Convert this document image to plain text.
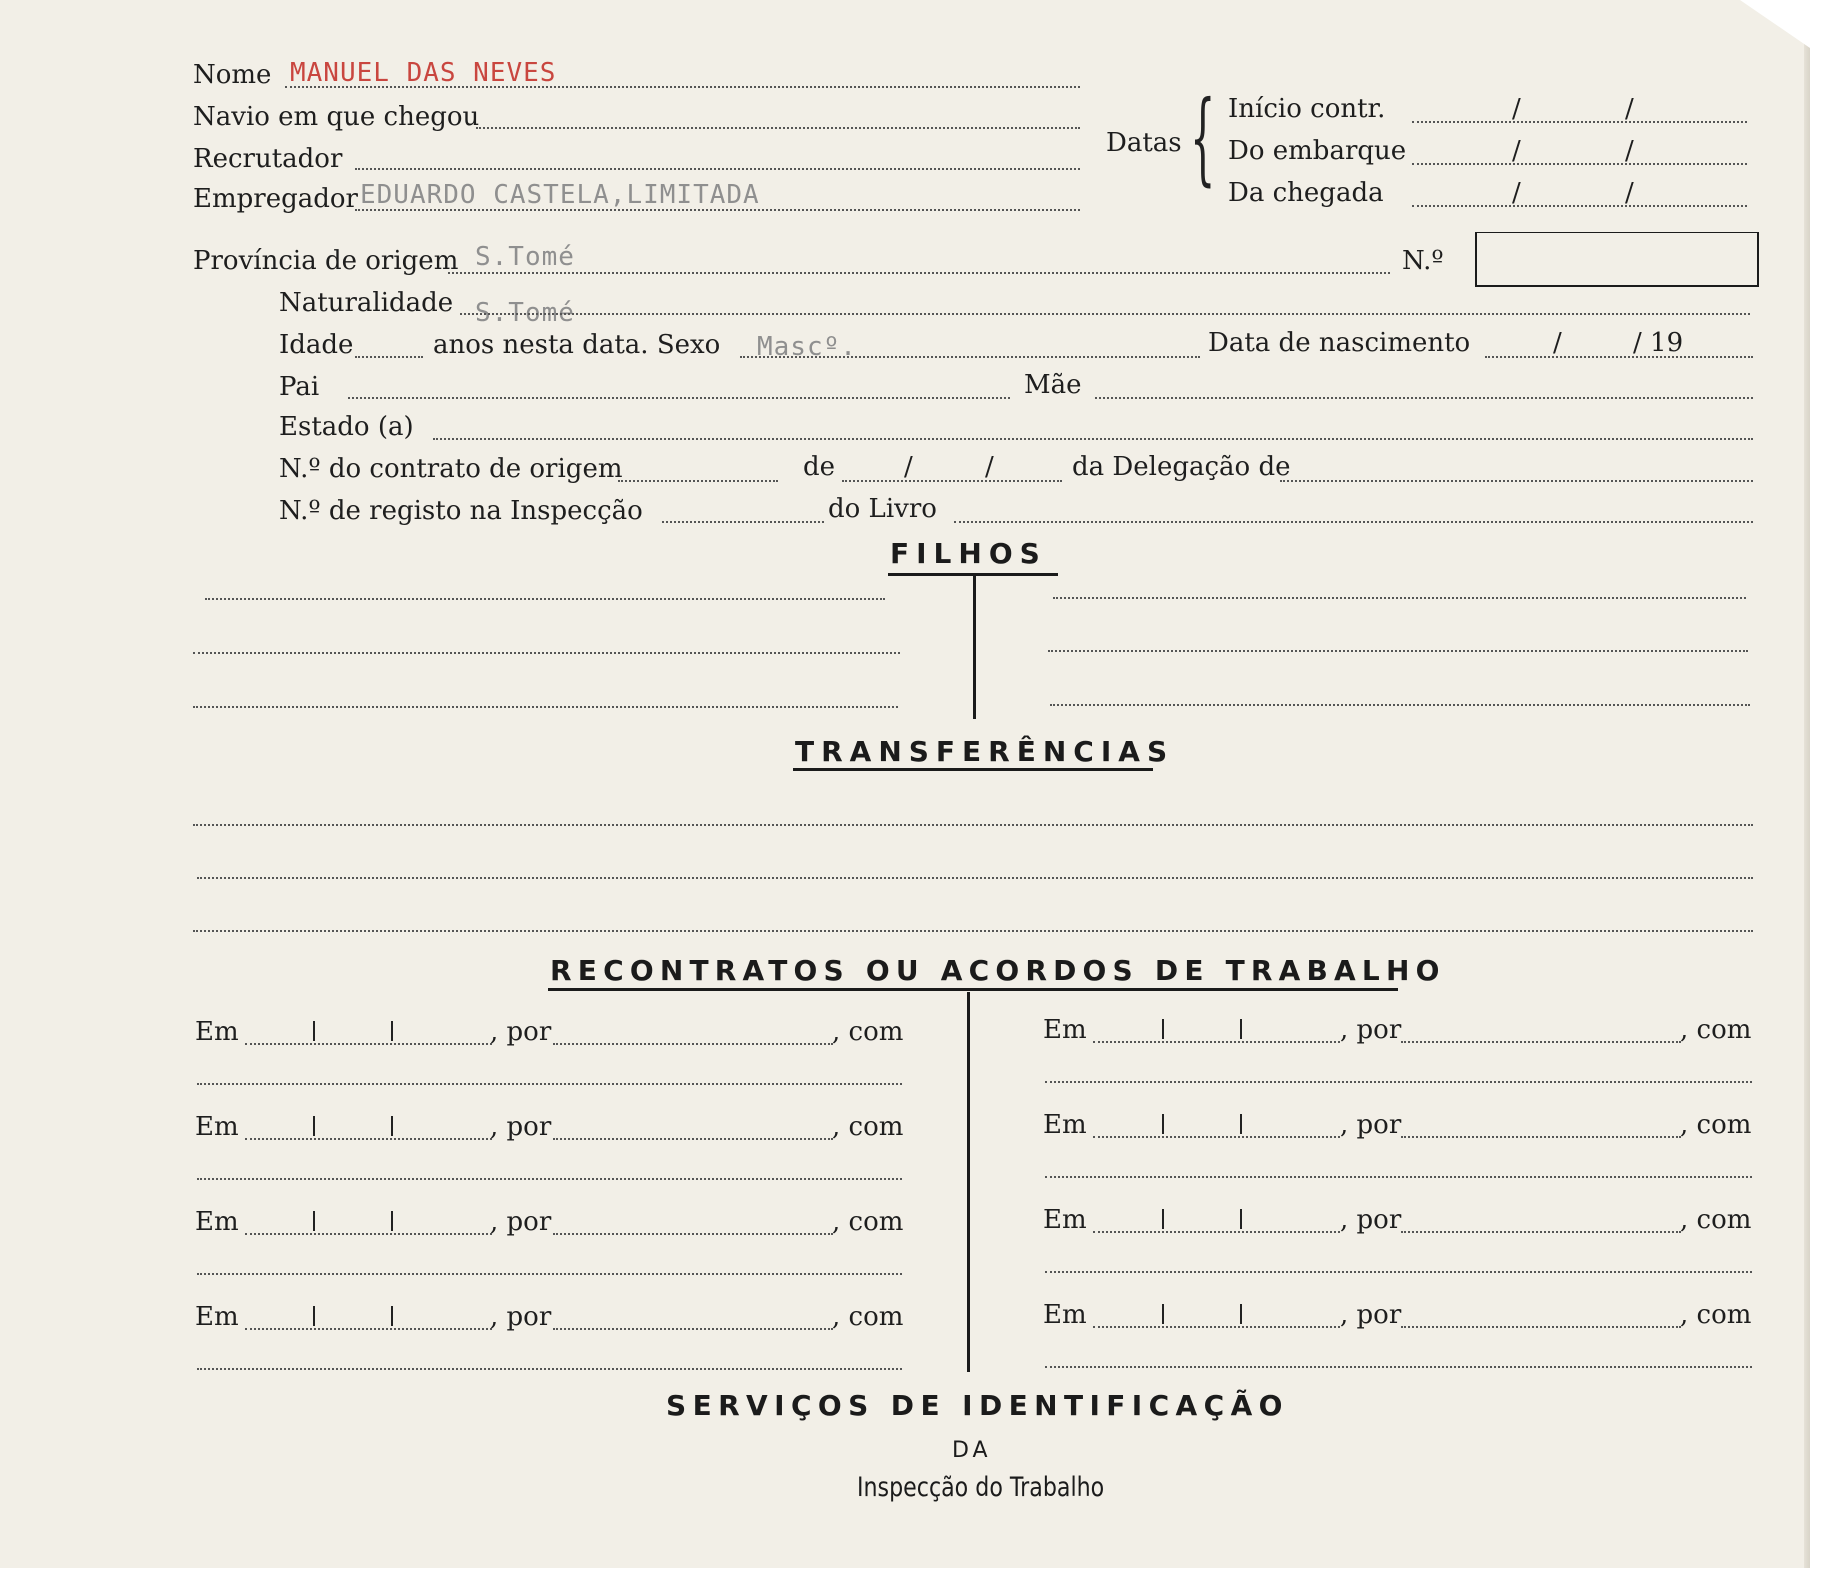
Nome MANUEL DAS NEVES
Navio em que chegou
Recrutador
Empregador EDUARDO CASTELA,LIMITADA
Datas { Início contr.	/	/
Do embarque	/	/
Da chegada	/	/
Província de origem S.Tomé	N.º
Naturalidade S.Tomé
Idade	anos nesta data. Sexo Mascº.	Data de nascimento	/	/ 19
Pai	Mãe
Estado (a)
N.º do contrato de origem	de	/	/	da Delegação de
N.º de registo na Inspecção	do Livro
FILHOS
TRANSFERÊNCIAS
RECONTRATOS OU ACORDOS DE TRABALHO
Em	, por	, com
Em	, por	, com
Em	, por	, com
Em	, por	, com
Em	, por	, com
Em	, por	, com
Em	, por	, com
Em	, por	, com
SERVIÇOS DE IDENTIFICAÇÃO
DA
Inspecção do Trabalho
